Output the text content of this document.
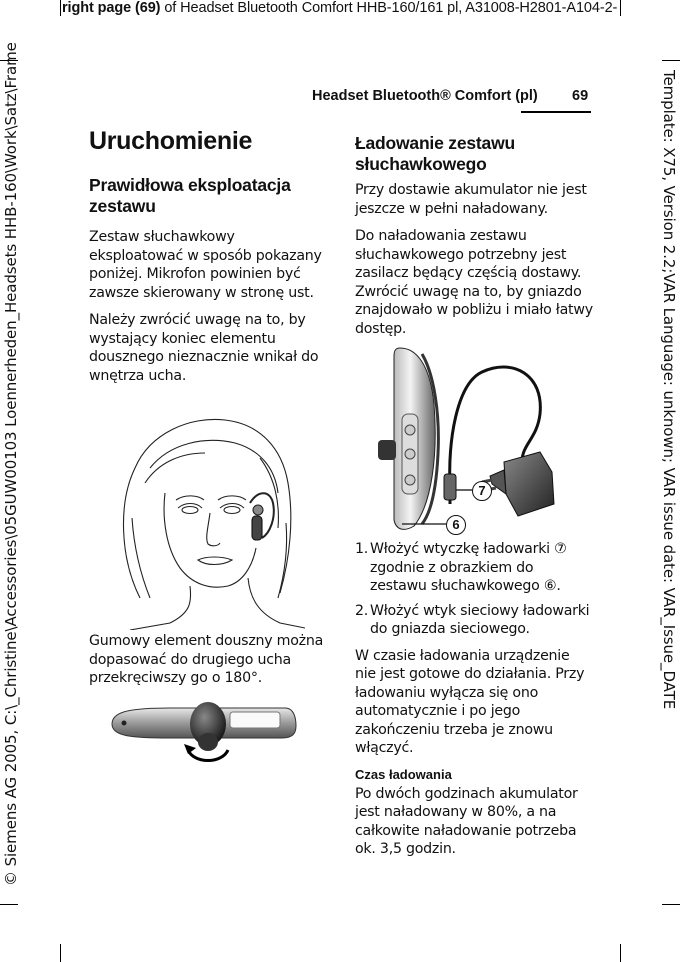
right page (69) of Headset Bluetooth Comfort HHB-160/161 pl, A31008-H2801-A104-2-
© Siemens AG 2005, C:\_Christine\Accessories\05GUW00103 Loennerheden_Headsets HHB-160\Work\Satz\Frame	Template: X75, Version 2.2;VAR Language: unknown; VAR issue date: VAR_Issue_DATE
Headset Bluetooth® Comfort (pl) 69
Uruchomienie
Prawidłowa eksploatacja zestawu

Zestaw słuchawkowy eksploatować w sposób pokazany poniżej. Mikrofon powinien być zawsze skierowany w stronę ust.

Należy zwrócić uwagę na to, by wystający koniec elementu dousznego nieznacznie wnikał do wnętrza ucha.

Gumowy element douszny można dopasować do drugiego ucha przekręciwszy go o 180°.

Ładowanie zestawu słuchawkowego

Przy dostawie akumulator nie jest jeszcze w pełni naładowany.

Do naładowania zestawu słuchawkowego potrzebny jest zasilacz będący częścią dostawy. Zwrócić uwagę na to, by gniazdo znajdowało w pobliżu i miało łatwy dostęp.

7
6
1. Włożyć wtyczkę ładowarki ⑦ zgodnie z obrazkiem do zestawu słuchawkowego ⑥.
2. Włożyć wtyk sieciowy ładowarki do gniazda sieciowego.

W czasie ładowania urządzenie nie jest gotowe do działania. Przy ładowaniu wyłącza się ono automatycznie i po jego zakończeniu trzeba je znowu włączyć.

Czas ładowania

Po dwóch godzinach akumulator jest naładowany w 80%, a na całkowite naładowanie potrzeba ok. 3,5 godzin.
